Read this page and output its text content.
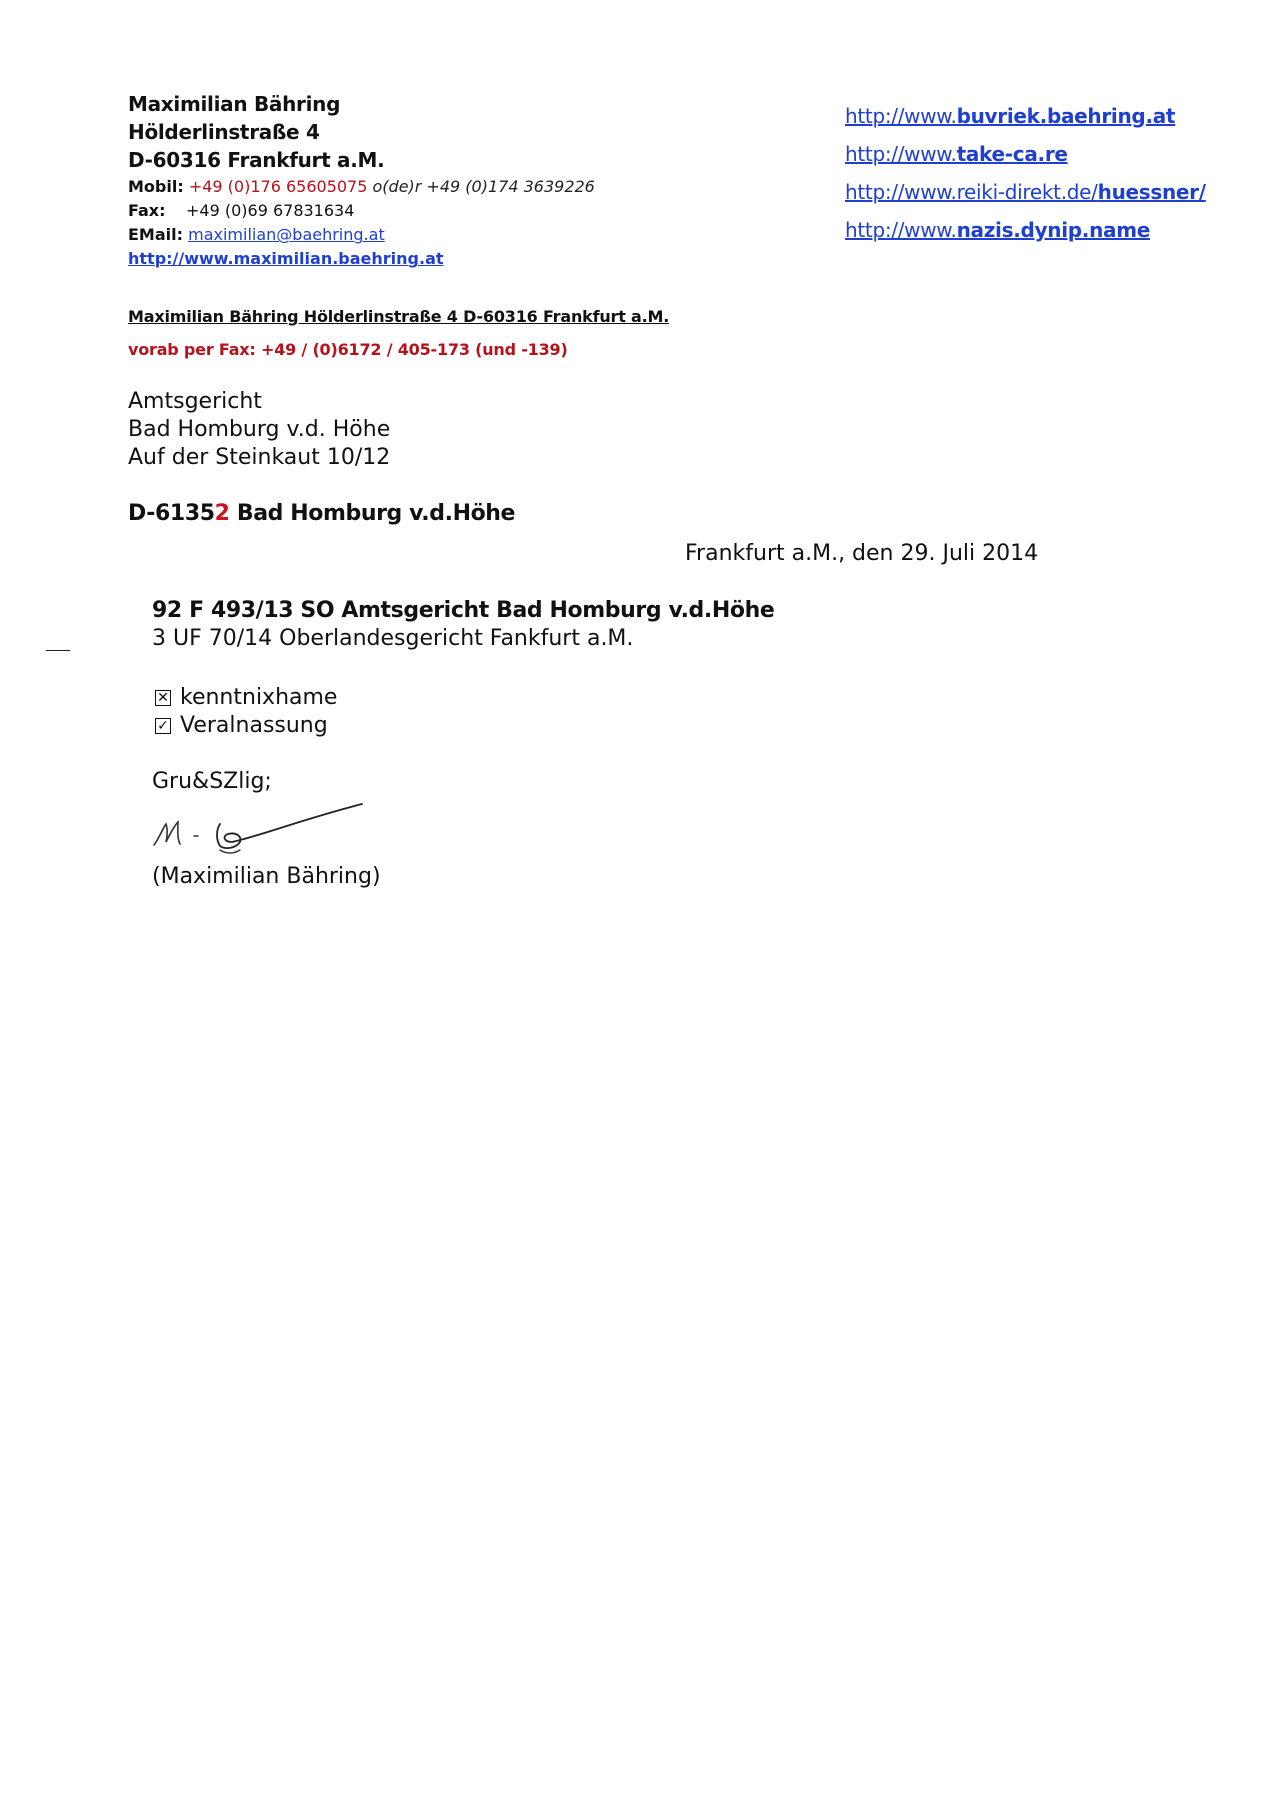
Maximilian Bähring
Hölderlinstraße 4
D-60316 Frankfurt a.M.
Mobil: +49 (0)176 65605075 o(de)r +49 (0)174 3639226
Fax: +49 (0)69 67831634
EMail: maximilian@baehring.at
http://www.maximilian.baehring.at
http://www.buvriek.baehring.at
http://www.take-ca.re
http://www.reiki-direkt.de/huessner/
http://www.nazis.dynip.name
Maximilian Bähring Hölderlinstraße 4 D-60316 Frankfurt a.M.
vorab per Fax: +49 / (0)6172 / 405-173 (und -139)
Amtsgericht
Bad Homburg v.d. Höhe
Auf der Steinkaut 10/12
D-61352 Bad Homburg v.d.Höhe
Frankfurt a.M., den 29. Juli 2014
92 F 493/13 SO Amtsgericht Bad Homburg v.d.Höhe
3 UF 70/14 Oberlandesgericht Fankfurt a.M.
✕ kenntnixhame
✓ Veralnassung
Gru&SZlig;
(Maximilian Bähring)
